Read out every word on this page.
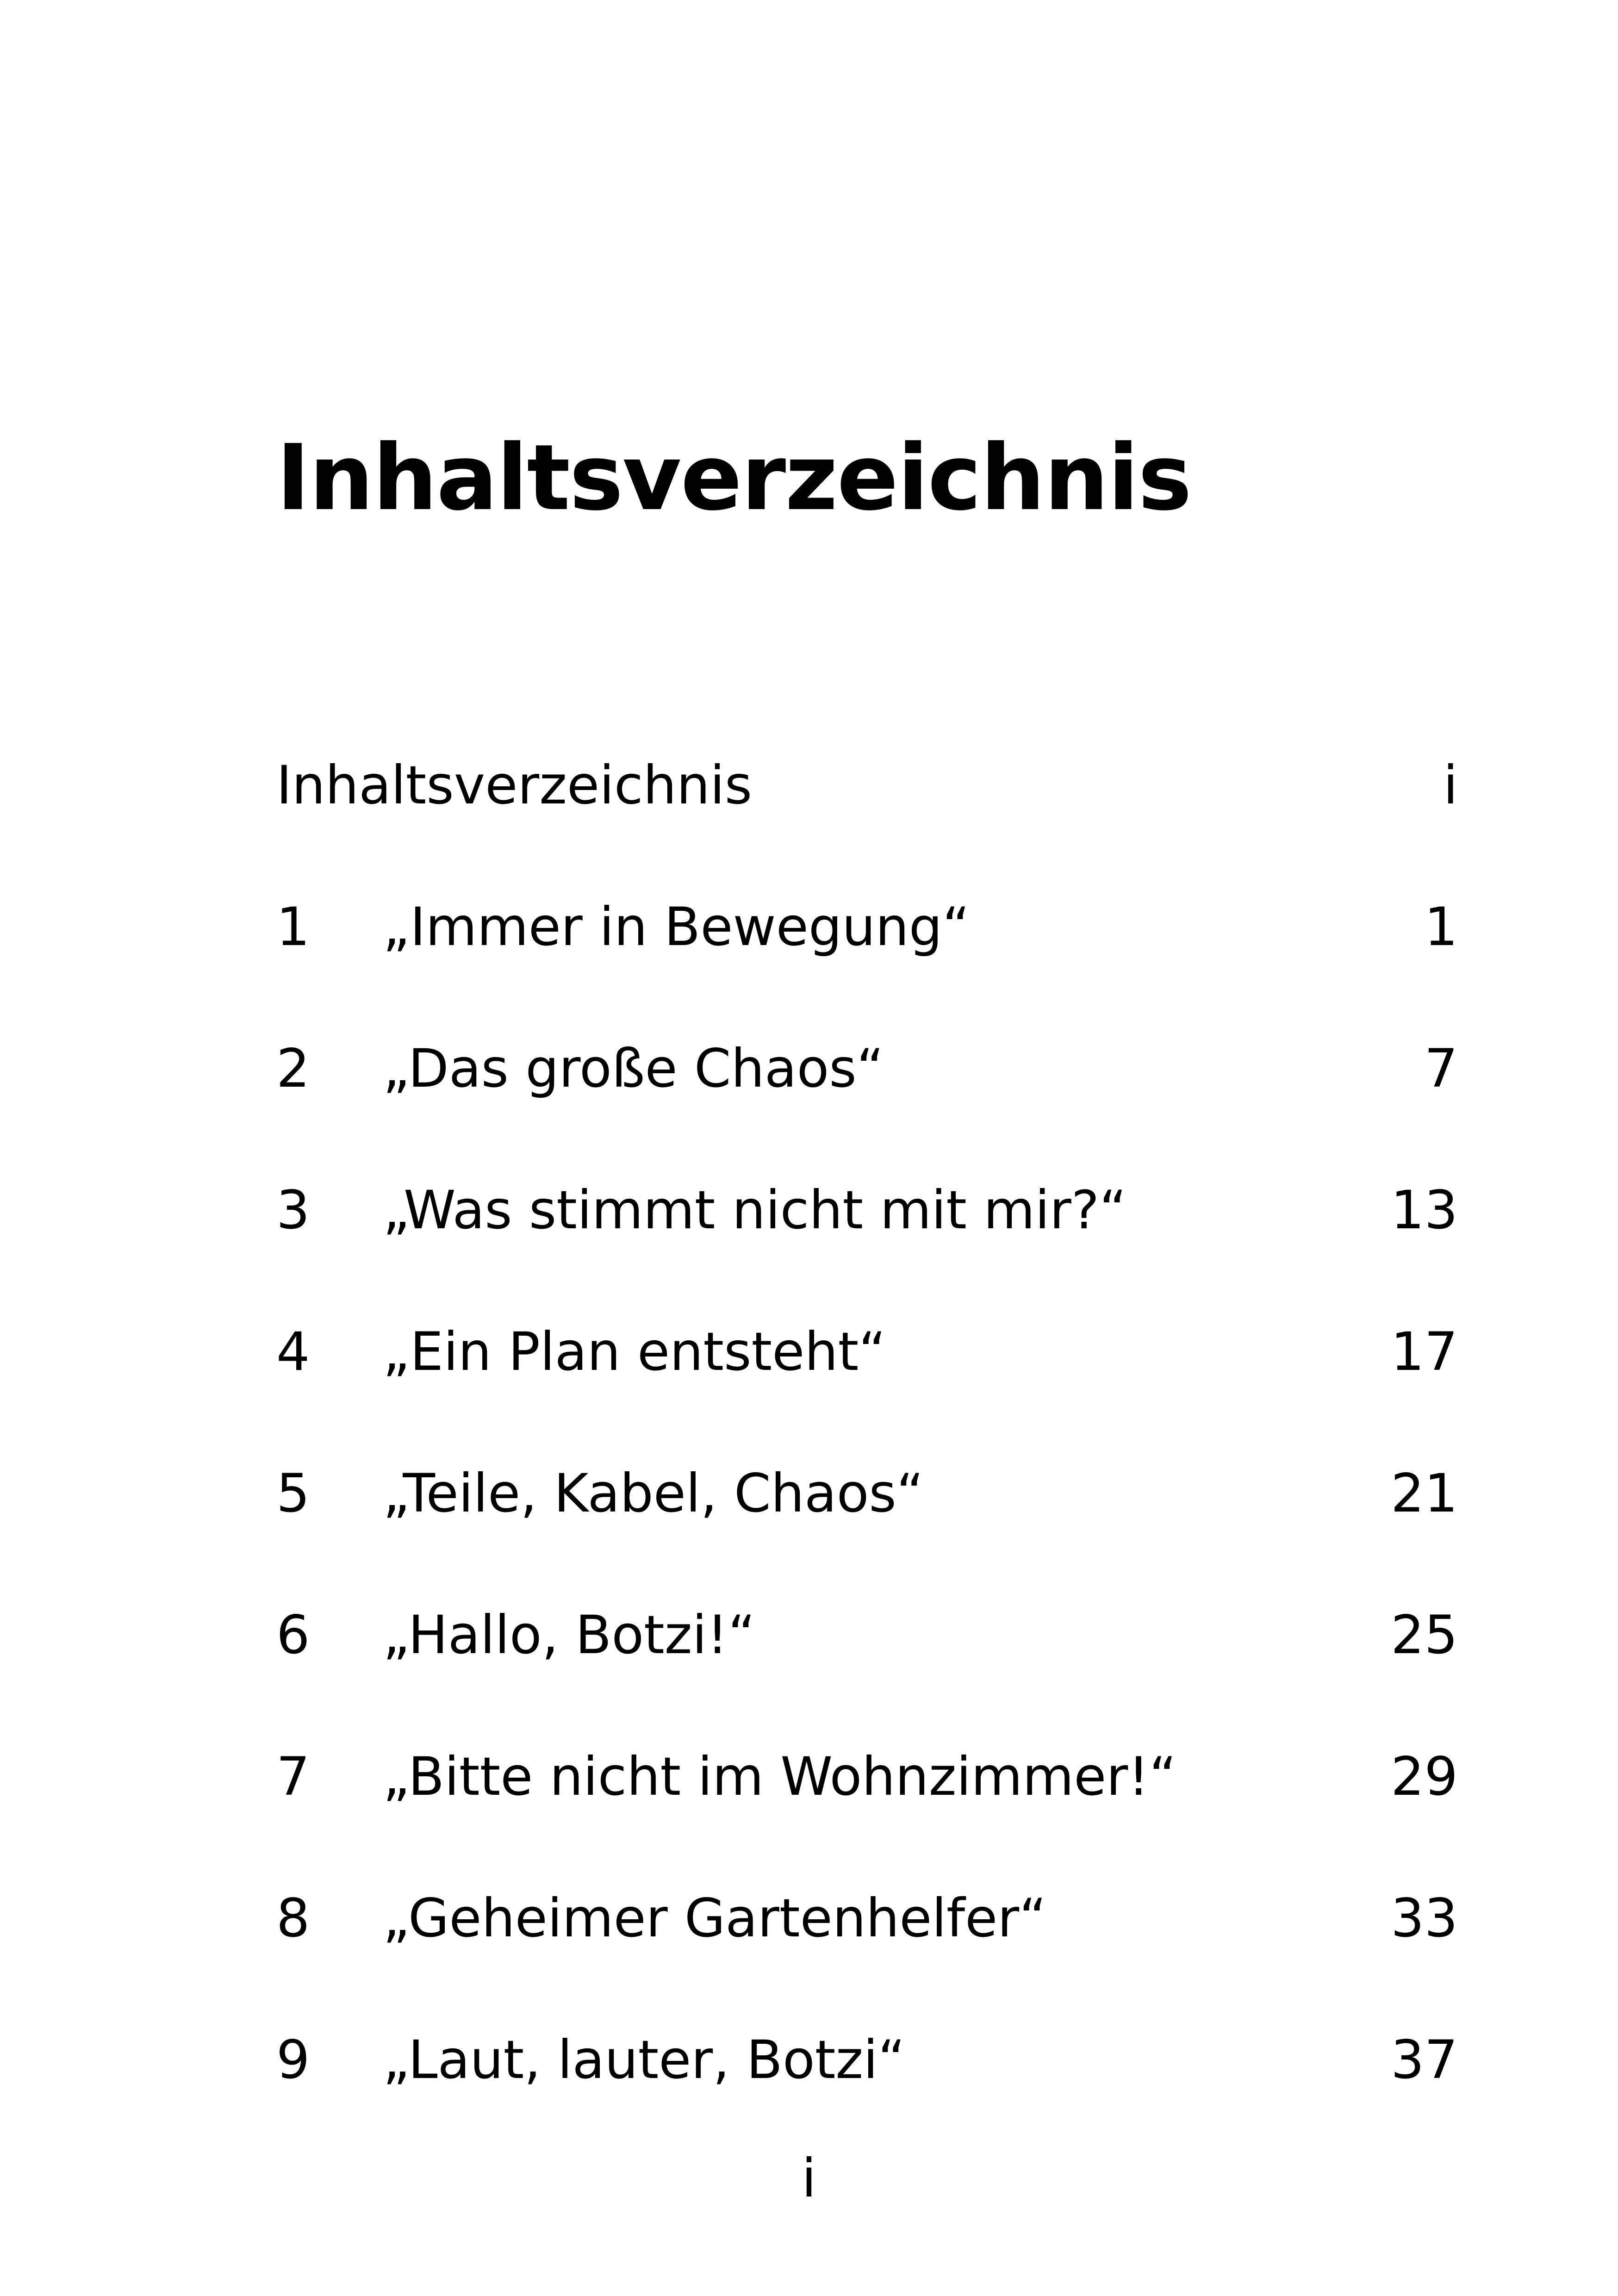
Inhaltsverzeichnis
Inhaltsverzeichnis	i
1 „Immer in Bewegung“	1
2 „Das große Chaos“	7
3 „Was stimmt nicht mit mir?“	13
4 „Ein Plan entsteht“	17
5 „Teile, Kabel, Chaos“	21
6 „Hallo, Botzi!“	25
7 „Bitte nicht im Wohnzimmer!“	29
8 „Geheimer Gartenhelfer“	33
9 „Laut, lauter, Botzi“	37
i
